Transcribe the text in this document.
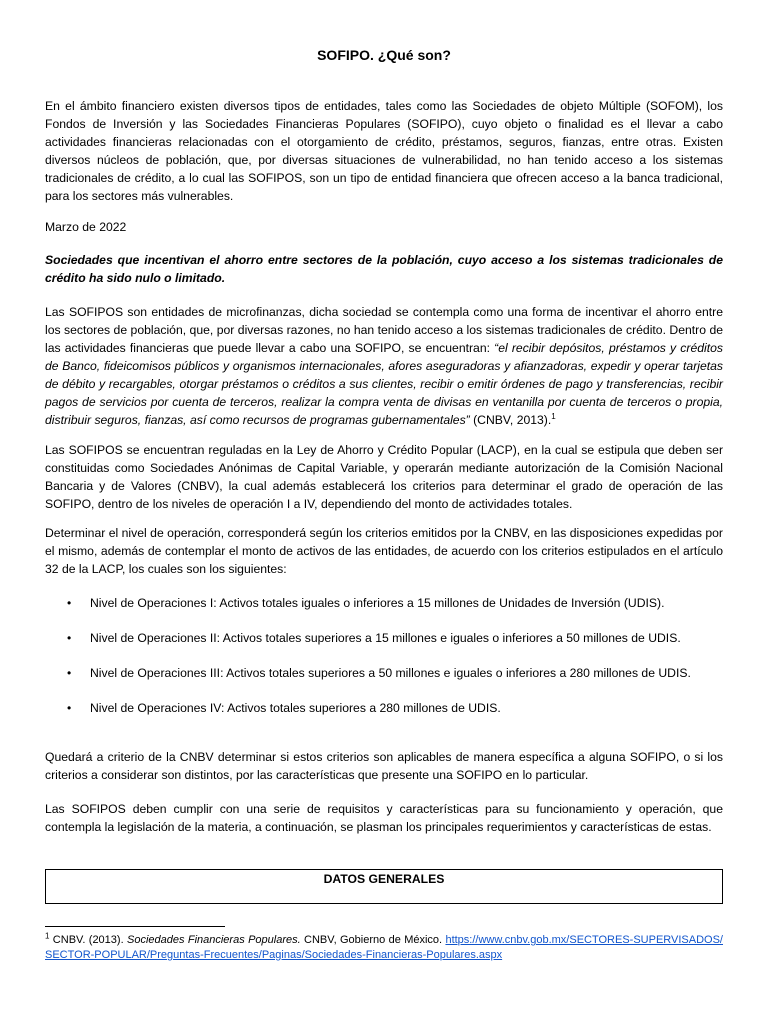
SOFIPO. ¿Qué son?

En el ámbito financiero existen diversos tipos de entidades, tales como las Sociedades de objeto Múltiple (SOFOM), los Fondos de Inversión y las Sociedades Financieras Populares (SOFIPO), cuyo objeto o finalidad es el llevar a cabo actividades financieras relacionadas con el otorgamiento de crédito, préstamos, seguros, fianzas, entre otras. Existen diversos núcleos de población, que, por diversas situaciones de vulnerabilidad, no han tenido acceso a los sistemas tradicionales de crédito, a lo cual las SOFIPOS, son un tipo de entidad financiera que ofrecen acceso a la banca tradicional, para los sectores más vulnerables.

Marzo de 2022

Sociedades que incentivan el ahorro entre sectores de la población, cuyo acceso a los sistemas tradicionales de crédito ha sido nulo o limitado.

Las SOFIPOS son entidades de microfinanzas, dicha sociedad se contempla como una forma de incentivar el ahorro entre los sectores de población, que, por diversas razones, no han tenido acceso a los sistemas tradicionales de crédito. Dentro de las actividades financieras que puede llevar a cabo una SOFIPO, se encuentran: “el recibir depósitos, préstamos y créditos de Banco, fideicomisos públicos y organismos internacionales, afores aseguradoras y afianzadoras, expedir y operar tarjetas de débito y recargables, otorgar préstamos o créditos a sus clientes, recibir o emitir órdenes de pago y transferencias, recibir pagos de servicios por cuenta de terceros, realizar la compra venta de divisas en ventanilla por cuenta de terceros o propia, distribuir seguros, fianzas, así como recursos de programas gubernamentales” (CNBV, 2013).$^1$

Las SOFIPOS se encuentran reguladas en la Ley de Ahorro y Crédito Popular (LACP), en la cual se estipula que deben ser constituidas como Sociedades Anónimas de Capital Variable, y operarán mediante autorización de la Comisión Nacional Bancaria y de Valores (CNBV), la cual además establecerá los criterios para determinar el grado de operación de las SOFIPO, dentro de los niveles de operación I a IV, dependiendo del monto de actividades totales.

Determinar el nivel de operación, corresponderá según los criterios emitidos por la CNBV, en las disposiciones expedidas por el mismo, además de contemplar el monto de activos de las entidades, de acuerdo con los criterios estipulados en el artículo 32 de la LACP, los cuales son los siguientes:

• Nivel de Operaciones I: Activos totales iguales o inferiores a 15 millones de Unidades de Inversión (UDIS).
• Nivel de Operaciones II: Activos totales superiores a 15 millones e iguales o inferiores a 50 millones de UDIS.
• Nivel de Operaciones III: Activos totales superiores a 50 millones e iguales o inferiores a 280 millones de UDIS.
• Nivel de Operaciones IV: Activos totales superiores a 280 millones de UDIS.

Quedará a criterio de la CNBV determinar si estos criterios son aplicables de manera específica a alguna SOFIPO, o si los criterios a considerar son distintos, por las características que presente una SOFIPO en lo particular.

Las SOFIPOS deben cumplir con una serie de requisitos y características para su funcionamiento y operación, que contempla la legislación de la materia, a continuación, se plasman los principales requerimientos y características de estas.

DATOS GENERALES
$^1$ CNBV. (2013). Sociedades Financieras Populares. CNBV, Gobierno de México. https://www.cnbv.gob.mx/SECTORES-SUPERVISADOS/SECTOR-POPULAR/Preguntas-Frecuentes/Paginas/Sociedades-Financieras-Populares.aspx
